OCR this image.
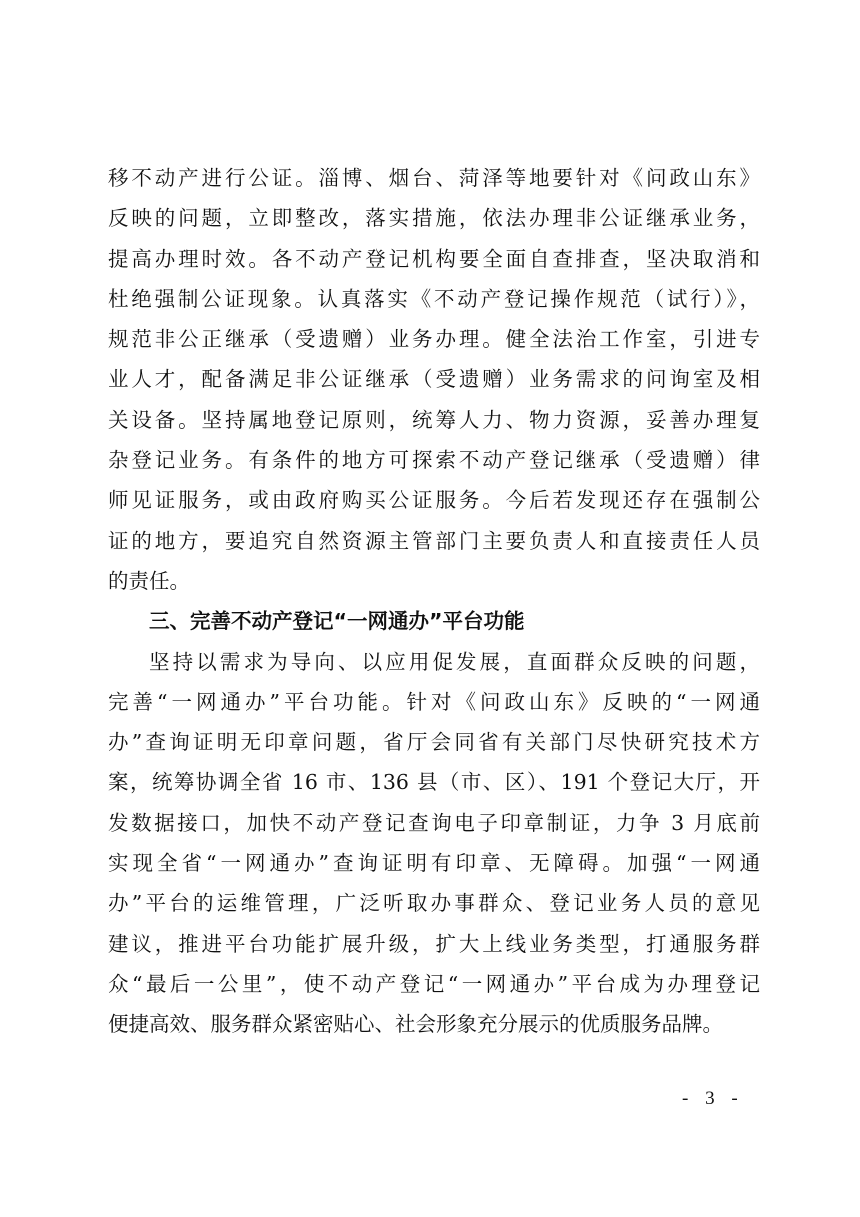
移不动产进行公证。淄博、烟台、菏泽等地要针对《问政山东》
反映的问题，立即整改，落实措施，依法办理非公证继承业务，
提高办理时效。各不动产登记机构要全面自查排查，坚决取消和
杜绝强制公证现象。认真落实《不动产登记操作规范（试行）》，
规范非公正继承（受遗赠）业务办理。健全法治工作室，引进专
业人才，配备满足非公证继承（受遗赠）业务需求的问询室及相
关设备。坚持属地登记原则，统筹人力、物力资源，妥善办理复
杂登记业务。有条件的地方可探索不动产登记继承（受遗赠）律
师见证服务，或由政府购买公证服务。今后若发现还存在强制公
证的地方，要追究自然资源主管部门主要负责人和直接责任人员
的责任。
三、完善不动产登记“一网通办”平台功能
坚持以需求为导向、以应用促发展，直面群众反映的问题，
完善“一网通办”平台功能。针对《问政山东》反映的“一网通
办”查询证明无印章问题，省厅会同省有关部门尽快研究技术方
案，统筹协调全省 16 市、136 县（市、区）、191 个登记大厅，开
发数据接口，加快不动产登记查询电子印章制证，力争 3 月底前
实现全省“一网通办”查询证明有印章、无障碍。加强“一网通
办”平台的运维管理，广泛听取办事群众、登记业务人员的意见
建议，推进平台功能扩展升级，扩大上线业务类型，打通服务群
众“最后一公里”，使不动产登记“一网通办”平台成为办理登记
便捷高效、服务群众紧密贴心、社会形象充分展示的优质服务品牌。
- 3 -
